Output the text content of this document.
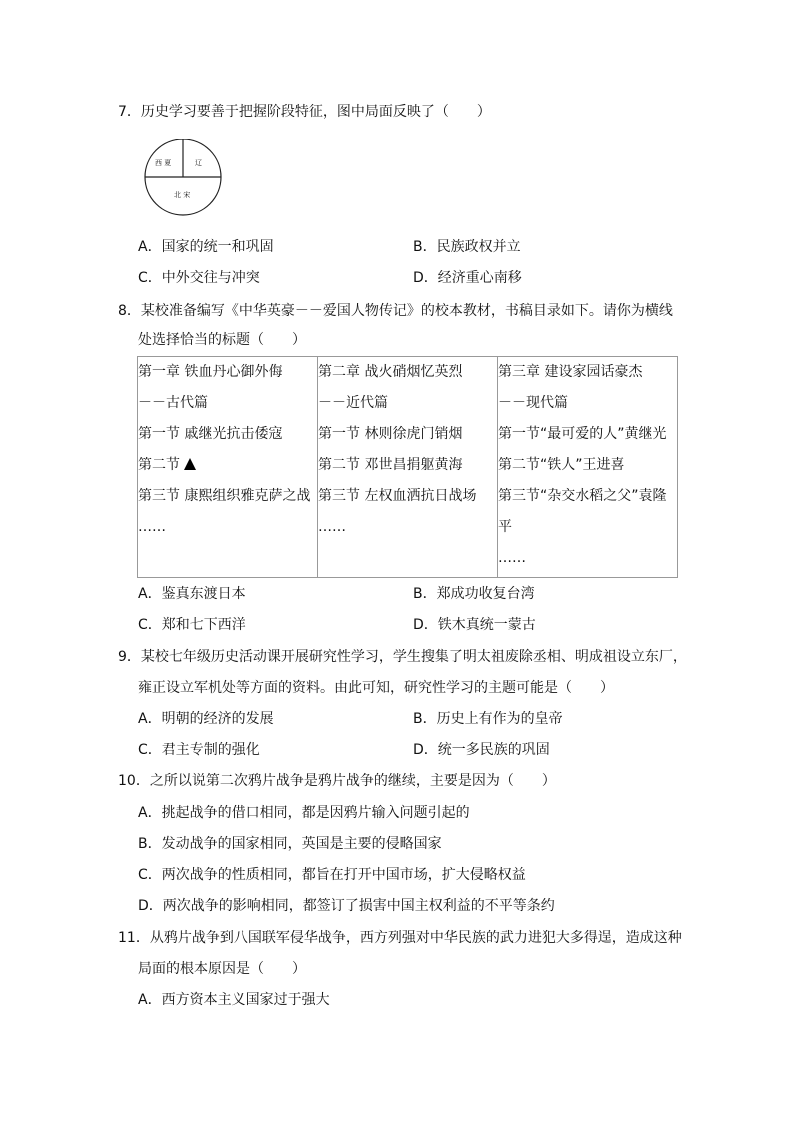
7．历史学习要善于把握阶段特征，图中局面反映了（　　）
西 夏	辽
北 宋
A．国家的统一和巩固	B．民族政权并立
C．中外交往与冲突	D．经济重心南移
8．某校准备编写《中华英豪－－爱国人物传记》的校本教材，书稿目录如下。请你为横线
处选择恰当的标题（　　）
第一章 铁血丹心御外侮
－－古代篇
第一节 戚继光抗击倭寇
第二节
第三节 康熙组织雅克萨之战
……

第二章 战火硝烟忆英烈
－－近代篇
第一节 林则徐虎门销烟
第二节 邓世昌捐躯黄海
第三节 左权血洒抗日战场
……

第三章 建设家园话豪杰
－－现代篇
第一节“最可爱的人”黄继光
第二节“铁人”王进喜
第三节“杂交水稻之父”袁隆
平
……
A．鉴真东渡日本	B．郑成功收复台湾
C．郑和七下西洋	D．铁木真统一蒙古
9．某校七年级历史活动课开展研究性学习，学生搜集了明太祖废除丞相、明成祖设立东厂，
雍正设立军机处等方面的资料。由此可知，研究性学习的主题可能是（　　）
A．明朝的经济的发展	B．历史上有作为的皇帝
C．君主专制的强化	D．统一多民族的巩固
10．之所以说第二次鸦片战争是鸦片战争的继续，主要是因为（　　）
A．挑起战争的借口相同，都是因鸦片输入问题引起的
B．发动战争的国家相同，英国是主要的侵略国家
C．两次战争的性质相同，都旨在打开中国市场，扩大侵略权益
D．两次战争的影响相同，都签订了损害中国主权利益的不平等条约
11．从鸦片战争到八国联军侵华战争，西方列强对中华民族的武力进犯大多得逞，造成这种
局面的根本原因是（　　）
A．西方资本主义国家过于强大
